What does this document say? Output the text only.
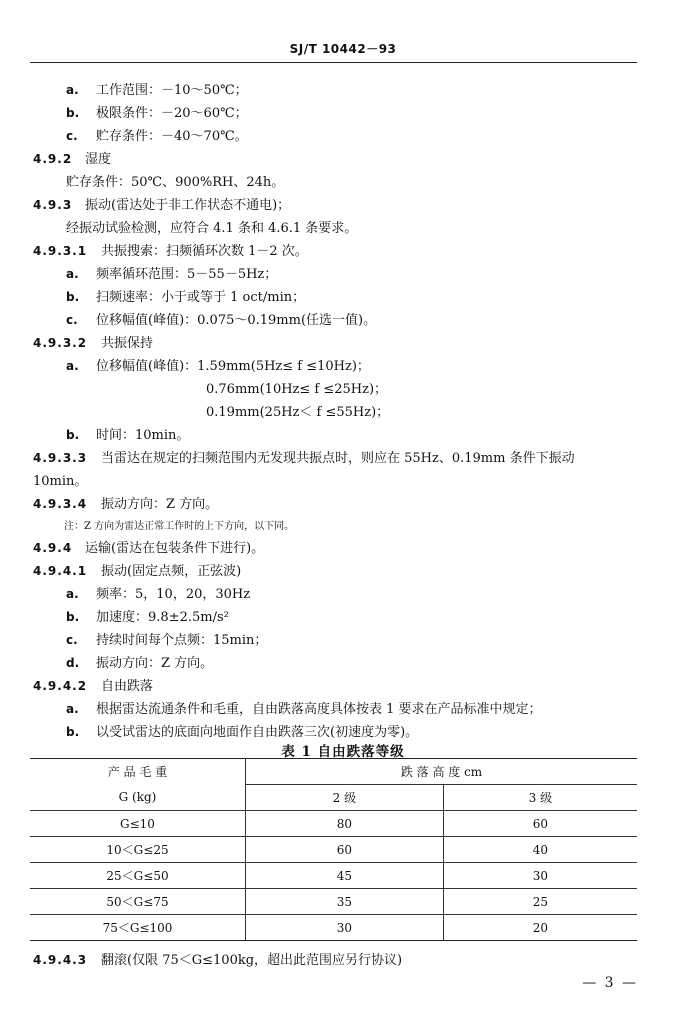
SJ/T 10442－93
a. 工作范围：－10～50℃；
b. 极限条件：－20～60℃；
c. 贮存条件：－40～70℃。
4.9.2 湿度
贮存条件：50℃、900%RH、24h。
4.9.3 振动(雷达处于非工作状态不通电)；
经振动试验检测，应符合 4.1 条和 4.6.1 条要求。
4.9.3.1 共振搜索：扫频循环次数 1－2 次。
a. 频率循环范围：5－55－5Hz；
b. 扫频速率：小于或等于 1 oct/min；
c. 位移幅值(峰值)：0.075～0.19mm(任选一值)。
4.9.3.2 共振保持
a. 位移幅值(峰值)：1.59mm(5Hz≤ f ≤10Hz)；
0.76mm(10Hz≤ f ≤25Hz)；
0.19mm(25Hz＜ f ≤55Hz)；
b. 时间：10min。
4.9.3.3 当雷达在规定的扫频范围内无发现共振点时，则应在 55Hz、0.19mm 条件下振动
10min。
4.9.3.4 振动方向：Z 方向。
注：Z 方向为雷达正常工作时的上下方向，以下同。
4.9.4 运输(雷达在包装条件下进行)。
4.9.4.1 振动(固定点频，正弦波)
a. 频率：5，10，20，30Hz
b. 加速度：9.8±2.5m/s²
c. 持续时间每个点频：15min；
d. 振动方向：Z 方向。
4.9.4.2 自由跌落
a. 根据雷达流通条件和毛重，自由跌落高度具体按表 1 要求在产品标准中规定；
b. 以受试雷达的底面向地面作自由跌落三次(初速度为零)。
表 1 自由跌落等级
产 品 毛 重	跌 落 高 度 cm	
G (kg)	2 级	3 级
G≤10	80	60
10＜G≤25	60	40
25＜G≤50	45	30
50＜G≤75	35	25
75＜G≤100	30	20
4.9.4.3 翻滚(仅限 75＜G≤100kg，超出此范围应另行协议)
— 3 —
